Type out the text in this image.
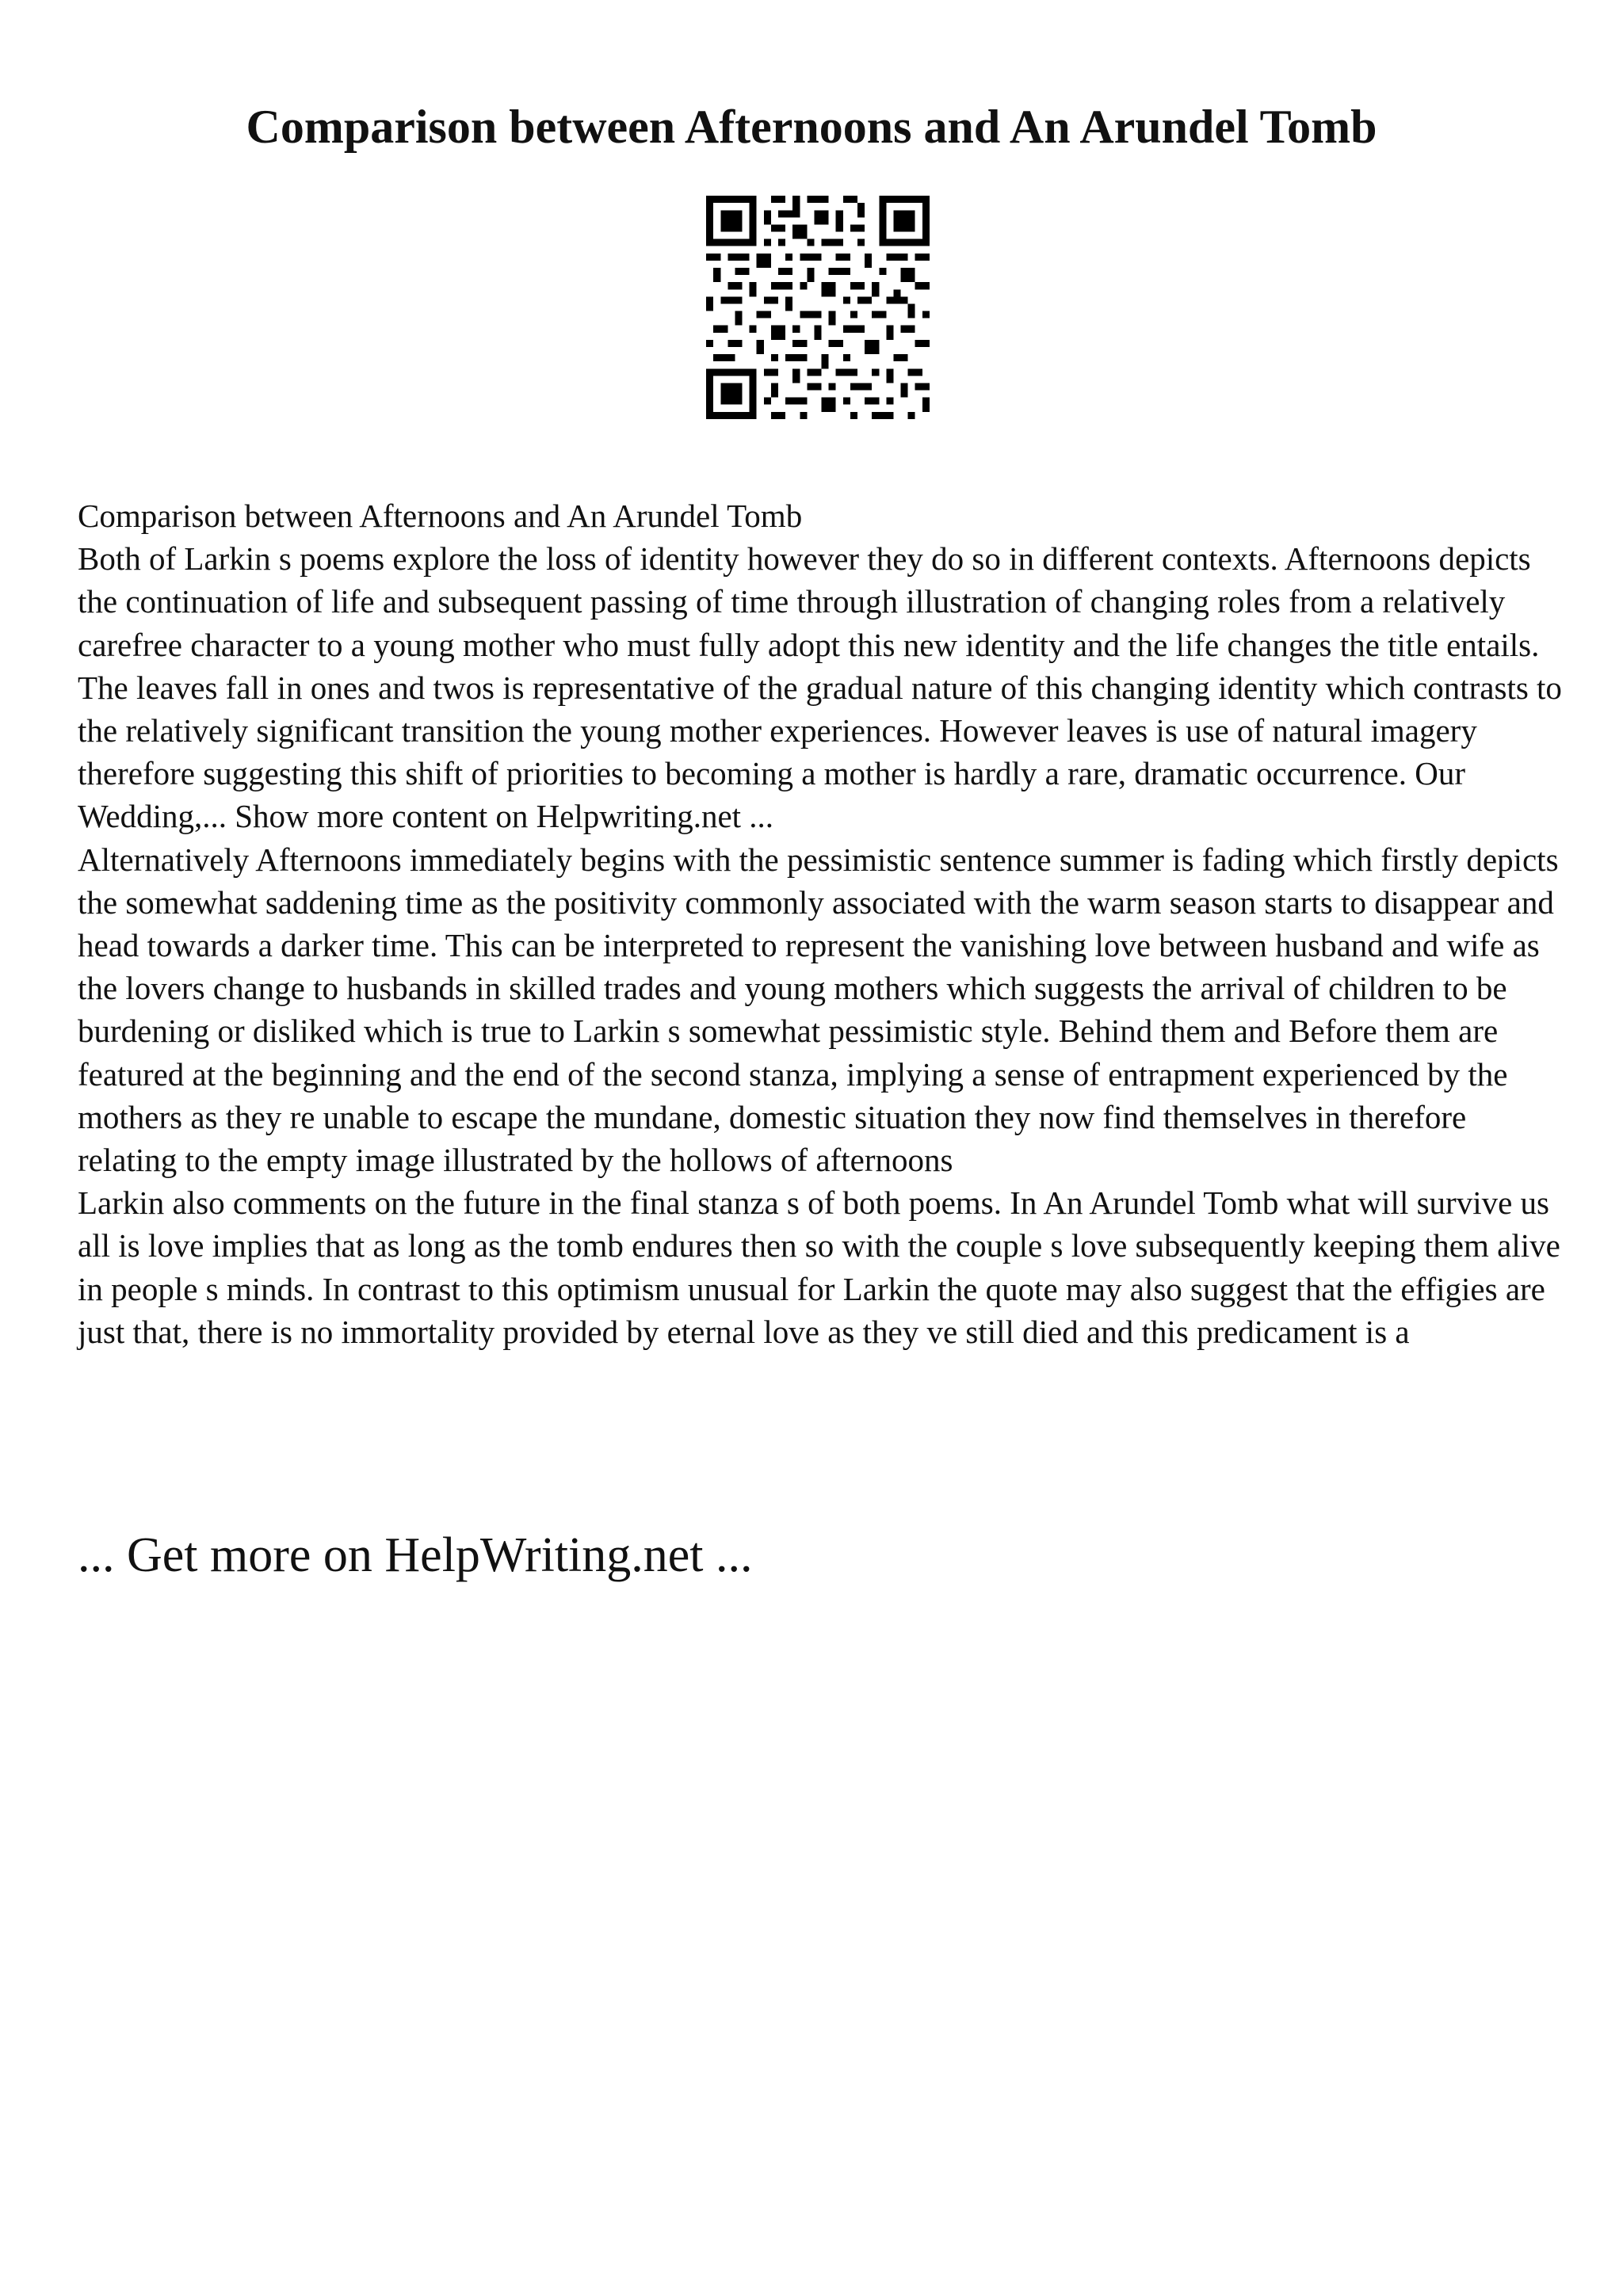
Comparison between Afternoons and An Arundel Tomb

Comparison between Afternoons and An Arundel Tomb

Both of Larkin s poems explore the loss of identity however they do so in different contexts. Afternoons depicts the continuation of life and subsequent passing of time through illustration of changing roles from a relatively carefree character to a young mother who must fully adopt this new identity and the life changes the title entails. The leaves fall in ones and twos is representative of the gradual nature of this changing identity which contrasts to the relatively significant transition the young mother experiences. However leaves is use of natural imagery therefore suggesting this shift of priorities to becoming a mother is hardly a rare, dramatic occurrence. Our Wedding,... Show more content on Helpwriting.net ...

Alternatively Afternoons immediately begins with the pessimistic sentence summer is fading which firstly depicts the somewhat saddening time as the positivity commonly associated with the warm season starts to disappear and head towards a darker time. This can be interpreted to represent the vanishing love between husband and wife as the lovers change to husbands in skilled trades and young mothers which suggests the arrival of children to be burdening or disliked which is true to Larkin s somewhat pessimistic style. Behind them and Before them are featured at the beginning and the end of the second stanza, implying a sense of entrapment experienced by the mothers as they re unable to escape the mundane, domestic situation they now find themselves in therefore relating to the empty image illustrated by the hollows of afternoons

Larkin also comments on the future in the final stanza s of both poems. In An Arundel Tomb what will survive us all is love implies that as long as the tomb endures then so with the couple s love subsequently keeping them alive in people s minds. In contrast to this optimism unusual for Larkin the quote may also suggest that the effigies are just that, there is no immortality provided by eternal love as they ve still died and this predicament is a

... Get more on HelpWriting.net ...
